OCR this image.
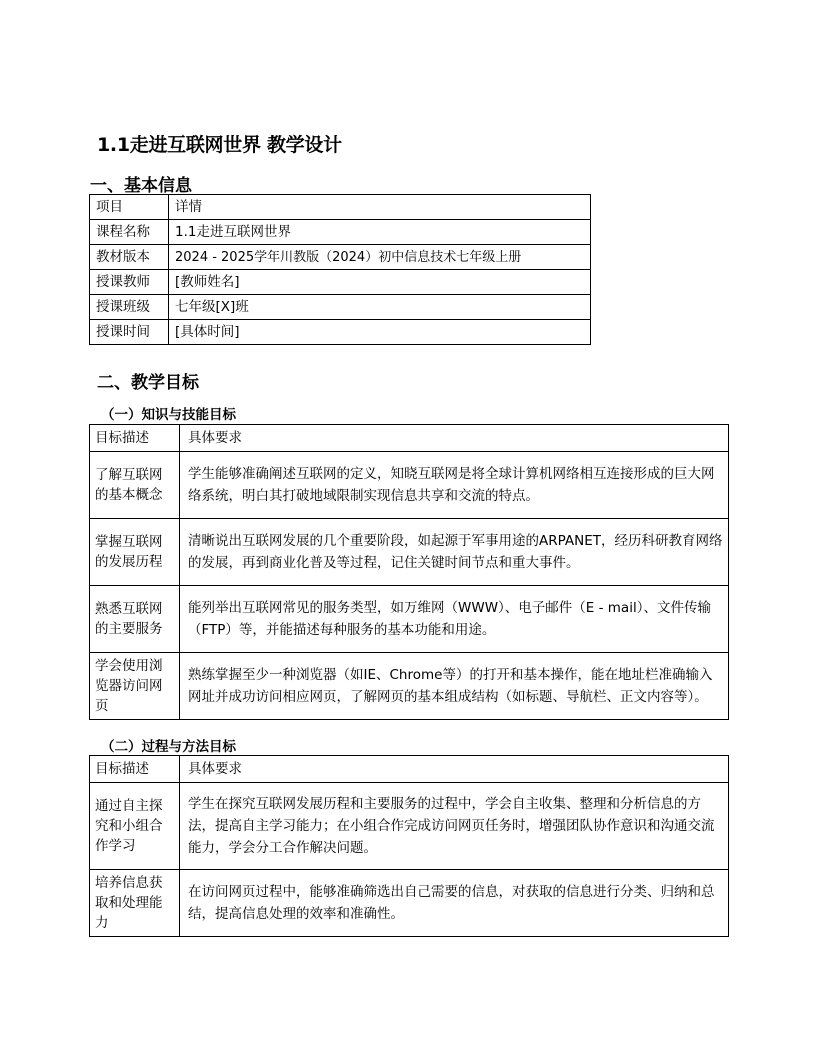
1.1走进互联网世界 教学设计
一、基本信息
项目	详情
课程名称	1.1走进互联网世界
教材版本	2024 - 2025学年川教版（2024）初中信息技术七年级上册
授课教师	[教师姓名]
授课班级	七年级[X]班
授课时间	[具体时间]
二、教学目标
（一）知识与技能目标
目标描述	具体要求
了解互联网的基本概念	学生能够准确阐述互联网的定义，知晓互联网是将全球计算机网络相互连接形成的巨大网络系统，明白其打破地域限制实现信息共享和交流的特点。
掌握互联网的发展历程	清晰说出互联网发展的几个重要阶段，如起源于军事用途的ARPANET，经历科研教育网络的发展，再到商业化普及等过程，记住关键时间节点和重大事件。
熟悉互联网的主要服务	能列举出互联网常见的服务类型，如万维网（WWW）、电子邮件（E - mail）、文件传输（FTP）等，并能描述每种服务的基本功能和用途。
学会使用浏览器访问网页	熟练掌握至少一种浏览器（如IE、Chrome等）的打开和基本操作，能在地址栏准确输入网址并成功访问相应网页，了解网页的基本组成结构（如标题、导航栏、正文内容等）。
（二）过程与方法目标
目标描述	具体要求
通过自主探究和小组合作学习	学生在探究互联网发展历程和主要服务的过程中，学会自主收集、整理和分析信息的方法，提高自主学习能力；在小组合作完成访问网页任务时，增强团队协作意识和沟通交流能力，学会分工合作解决问题。
培养信息获取和处理能力	在访问网页过程中，能够准确筛选出自己需要的信息，对获取的信息进行分类、归纳和总结，提高信息处理的效率和准确性。
